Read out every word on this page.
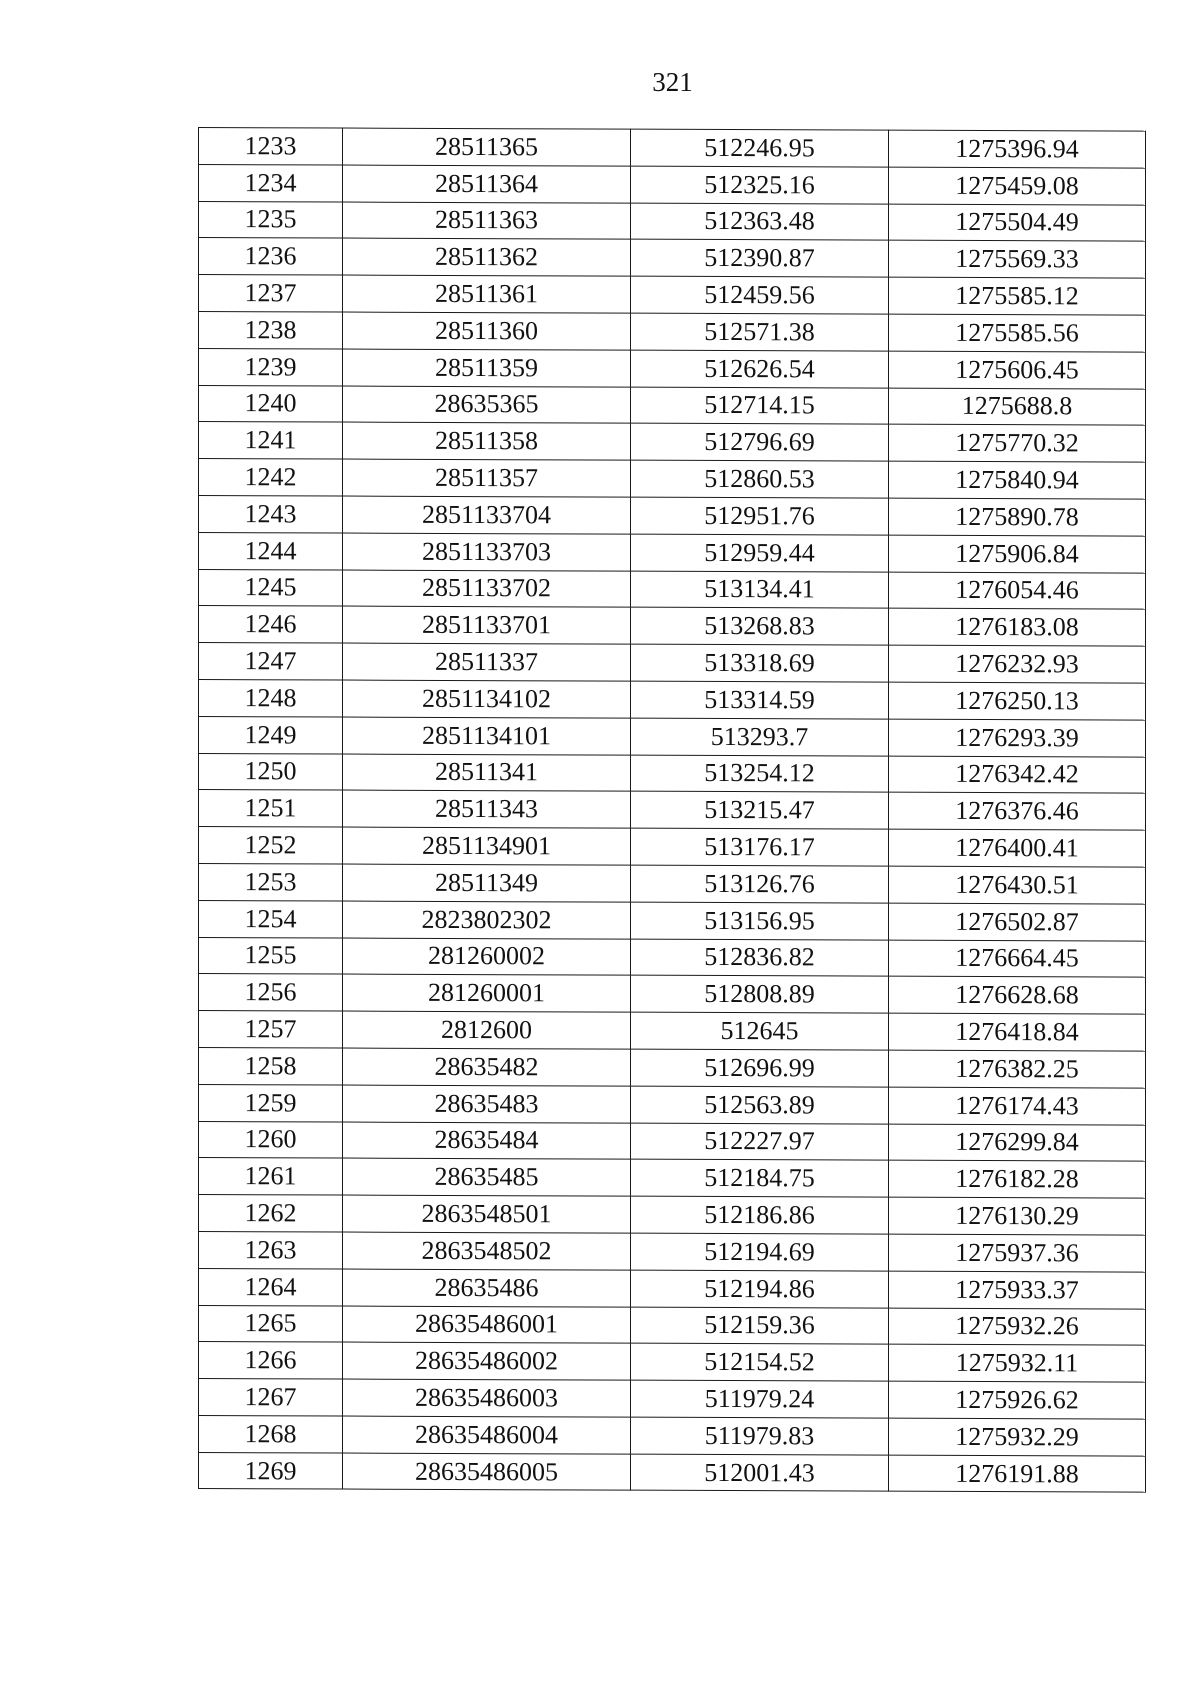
321
1233	28511365	512246.95	1275396.94
1234	28511364	512325.16	1275459.08
1235	28511363	512363.48	1275504.49
1236	28511362	512390.87	1275569.33
1237	28511361	512459.56	1275585.12
1238	28511360	512571.38	1275585.56
1239	28511359	512626.54	1275606.45
1240	28635365	512714.15	1275688.8
1241	28511358	512796.69	1275770.32
1242	28511357	512860.53	1275840.94
1243	2851133704	512951.76	1275890.78
1244	2851133703	512959.44	1275906.84
1245	2851133702	513134.41	1276054.46
1246	2851133701	513268.83	1276183.08
1247	28511337	513318.69	1276232.93
1248	2851134102	513314.59	1276250.13
1249	2851134101	513293.7	1276293.39
1250	28511341	513254.12	1276342.42
1251	28511343	513215.47	1276376.46
1252	2851134901	513176.17	1276400.41
1253	28511349	513126.76	1276430.51
1254	2823802302	513156.95	1276502.87
1255	281260002	512836.82	1276664.45
1256	281260001	512808.89	1276628.68
1257	2812600	512645	1276418.84
1258	28635482	512696.99	1276382.25
1259	28635483	512563.89	1276174.43
1260	28635484	512227.97	1276299.84
1261	28635485	512184.75	1276182.28
1262	2863548501	512186.86	1276130.29
1263	2863548502	512194.69	1275937.36
1264	28635486	512194.86	1275933.37
1265	28635486001	512159.36	1275932.26
1266	28635486002	512154.52	1275932.11
1267	28635486003	511979.24	1275926.62
1268	28635486004	511979.83	1275932.29
1269	28635486005	512001.43	1276191.88
